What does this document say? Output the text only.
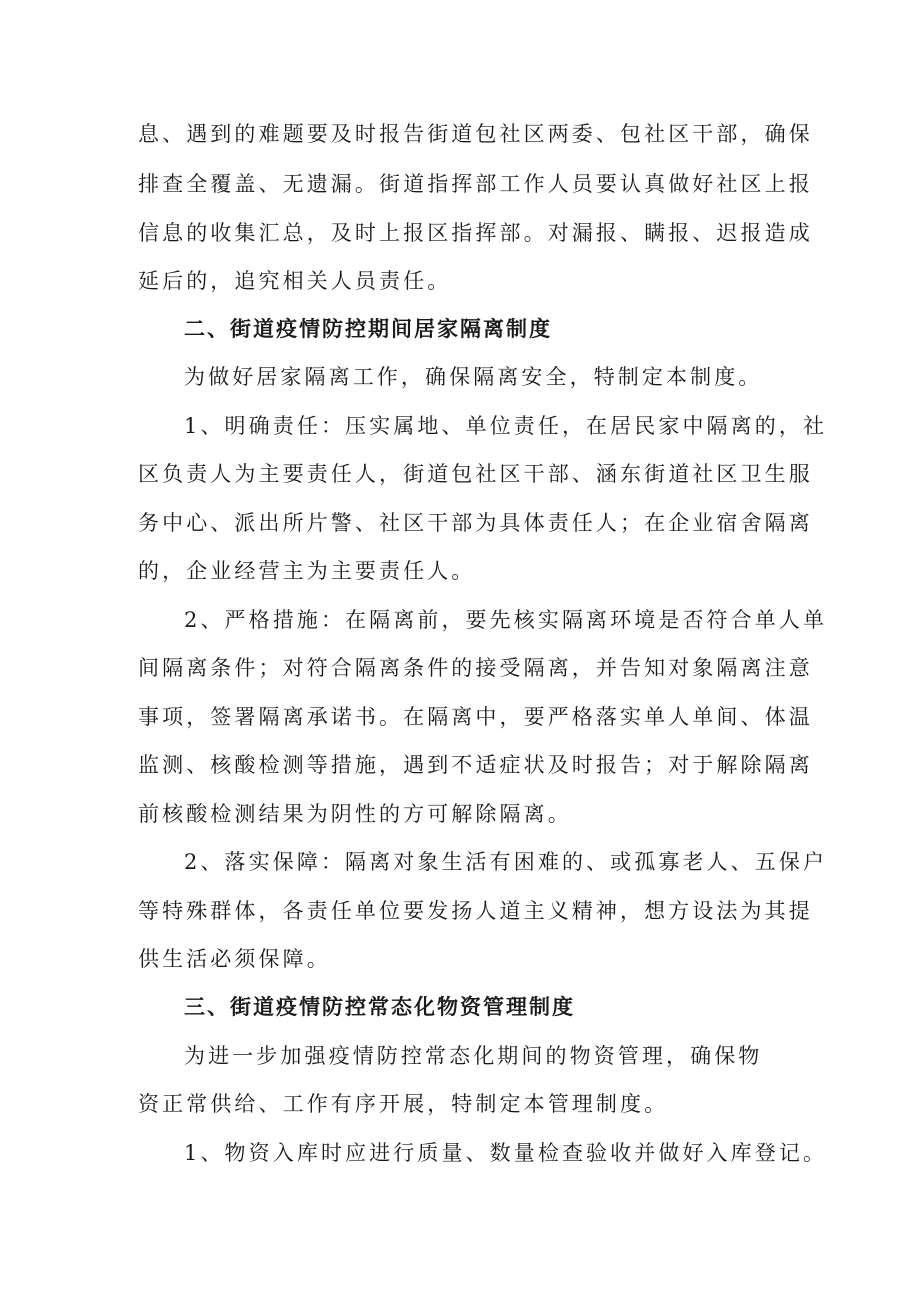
息、遇到的难题要及时报告街道包社区两委、包社区干部，确保
排查全覆盖、无遗漏。街道指挥部工作人员要认真做好社区上报
信息的收集汇总，及时上报区指挥部。对漏报、瞒报、迟报造成
延后的，追究相关人员责任。
二、街道疫情防控期间居家隔离制度
为做好居家隔离工作，确保隔离安全，特制定本制度。
1、明确责任：压实属地、单位责任，在居民家中隔离的，社
区负责人为主要责任人，街道包社区干部、涵东街道社区卫生服
务中心、派出所片警、社区干部为具体责任人；在企业宿舍隔离
的，企业经营主为主要责任人。
2、严格措施：在隔离前，要先核实隔离环境是否符合单人单
间隔离条件；对符合隔离条件的接受隔离，并告知对象隔离注意
事项，签署隔离承诺书。在隔离中，要严格落实单人单间、体温
监测、核酸检测等措施，遇到不适症状及时报告；对于解除隔离
前核酸检测结果为阴性的方可解除隔离。
2、落实保障：隔离对象生活有困难的、或孤寡老人、五保户
等特殊群体，各责任单位要发扬人道主义精神，想方设法为其提
供生活必须保障。
三、街道疫情防控常态化物资管理制度
为进一步加强疫情防控常态化期间的物资管理，确保物
资正常供给、工作有序开展，特制定本管理制度。
1、物资入库时应进行质量、数量检查验收并做好入库登记。
